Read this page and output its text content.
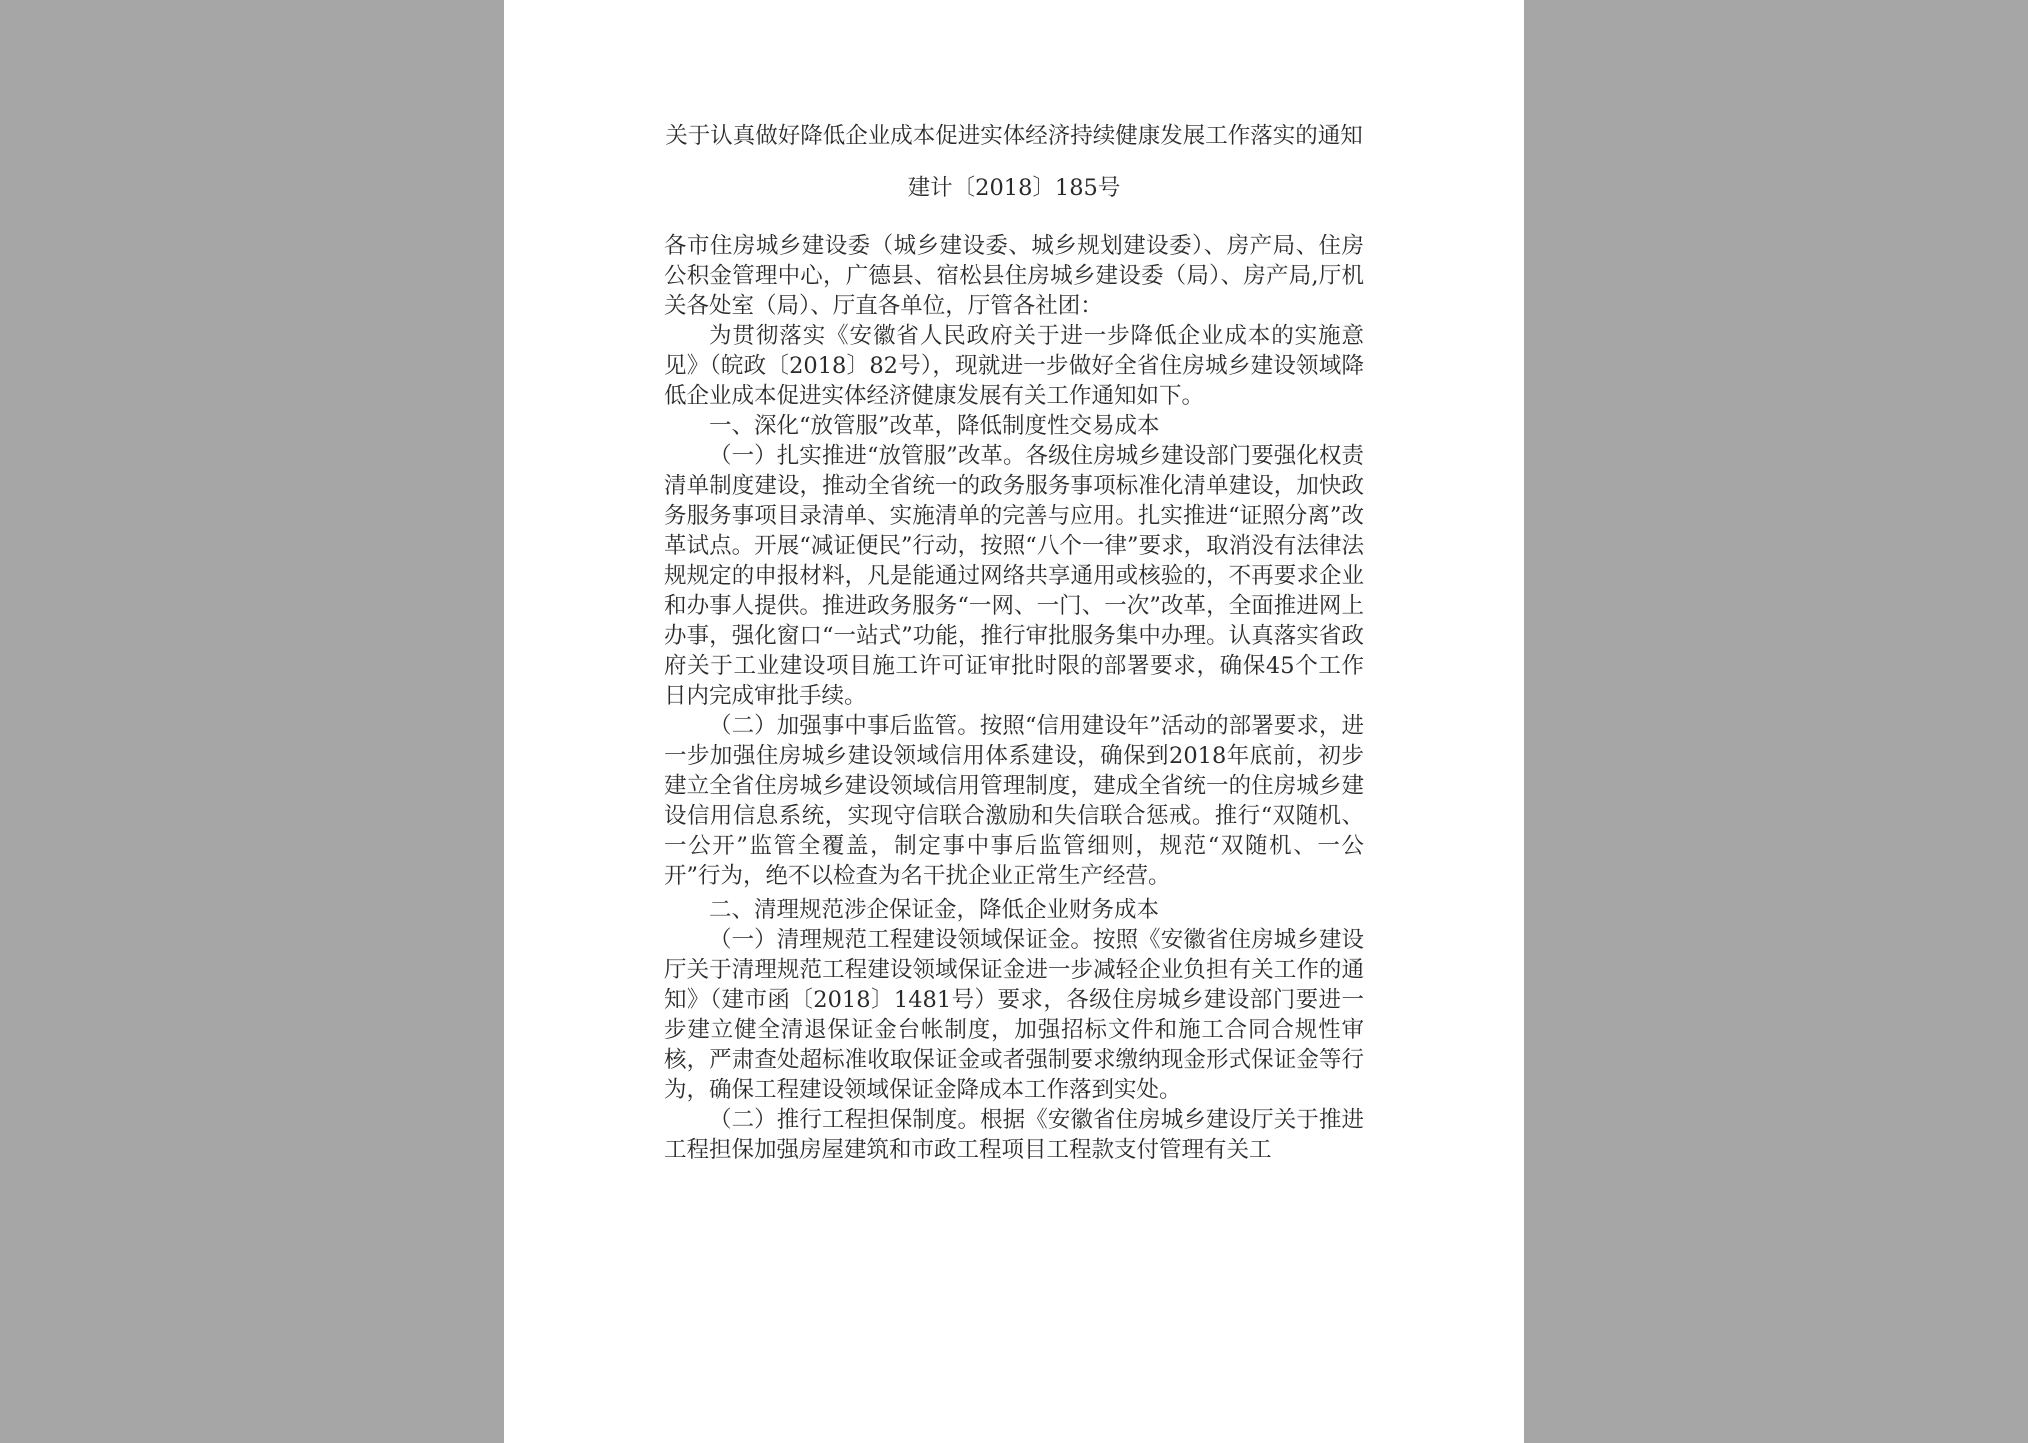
关于认真做好降低企业成本促进实体经济持续健康发展工作落实的通知

建计〔2018〕185号

各市住房城乡建设委（城乡建设委、城乡规划建设委）、房产局、住房公积金管理中心，广德县、宿松县住房城乡建设委（局）、房产局,厅机关各处室（局）、厅直各单位，厅管各社团：

为贯彻落实《安徽省人民政府关于进一步降低企业成本的实施意见》（皖政〔2018〕82号），现就进一步做好全省住房城乡建设领域降低企业成本促进实体经济健康发展有关工作通知如下。

一、深化“放管服”改革，降低制度性交易成本

（一）扎实推进“放管服”改革。各级住房城乡建设部门要强化权责清单制度建设，推动全省统一的政务服务事项标准化清单建设，加快政务服务事项目录清单、实施清单的完善与应用。扎实推进“证照分离”改革试点。开展“减证便民”行动，按照“八个一律”要求，取消没有法律法规规定的申报材料，凡是能通过网络共享通用或核验的，不再要求企业和办事人提供。推进政务服务“一网、一门、一次”改革，全面推进网上办事，强化窗口“一站式”功能，推行审批服务集中办理。认真落实省政府关于工业建设项目施工许可证审批时限的部署要求，确保45个工作日内完成审批手续。

（二）加强事中事后监管。按照“信用建设年”活动的部署要求，进一步加强住房城乡建设领域信用体系建设，确保到2018年底前，初步建立全省住房城乡建设领域信用管理制度，建成全省统一的住房城乡建设信用信息系统，实现守信联合激励和失信联合惩戒。推行“双随机、一公开”监管全覆盖，制定事中事后监管细则，规范“双随机、一公开”行为，绝不以检查为名干扰企业正常生产经营。

二、清理规范涉企保证金，降低企业财务成本

（一）清理规范工程建设领域保证金。按照《安徽省住房城乡建设厅关于清理规范工程建设领域保证金进一步减轻企业负担有关工作的通知》（建市函〔2018〕1481号）要求，各级住房城乡建设部门要进一步建立健全清退保证金台帐制度，加强招标文件和施工合同合规性审核，严肃查处超标准收取保证金或者强制要求缴纳现金形式保证金等行为，确保工程建设领域保证金降成本工作落到实处。

（二）推行工程担保制度。根据《安徽省住房城乡建设厅关于推进工程担保加强房屋建筑和市政工程项目工程款支付管理有关工
